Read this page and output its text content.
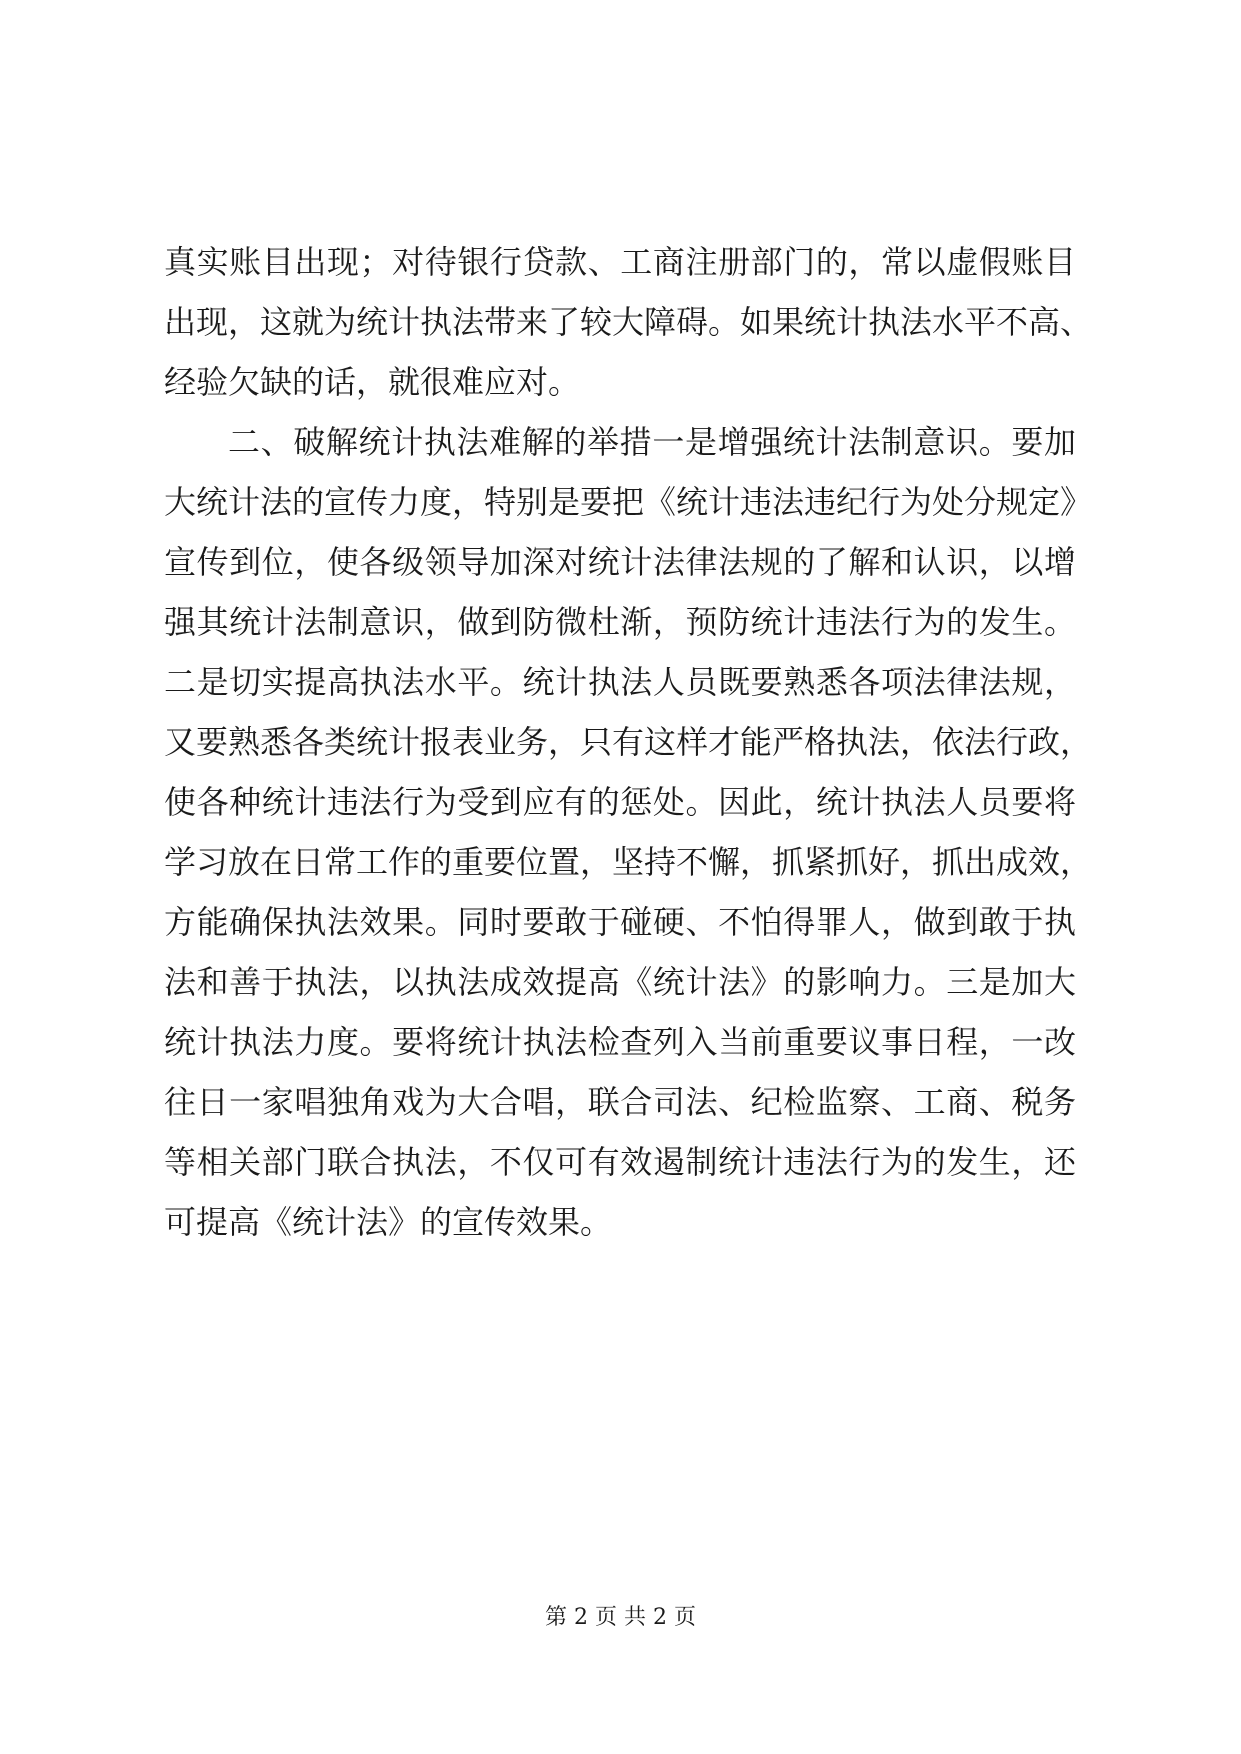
真实账目出现；对待银行贷款、工商注册部门的，常以虚假账目
出现，这就为统计执法带来了较大障碍。如果统计执法水平不高、
经验欠缺的话，就很难应对。
二、破解统计执法难解的举措一是增强统计法制意识。要加
大统计法的宣传力度，特别是要把《统计违法违纪行为处分规定》
宣传到位，使各级领导加深对统计法律法规的了解和认识，以增
强其统计法制意识，做到防微杜渐，预防统计违法行为的发生。
二是切实提高执法水平。统计执法人员既要熟悉各项法律法规，
又要熟悉各类统计报表业务，只有这样才能严格执法，依法行政，
使各种统计违法行为受到应有的惩处。因此，统计执法人员要将
学习放在日常工作的重要位置，坚持不懈，抓紧抓好，抓出成效，
方能确保执法效果。同时要敢于碰硬、不怕得罪人，做到敢于执
法和善于执法，以执法成效提高《统计法》的影响力。三是加大
统计执法力度。要将统计执法检查列入当前重要议事日程，一改
往日一家唱独角戏为大合唱，联合司法、纪检监察、工商、税务
等相关部门联合执法，不仅可有效遏制统计违法行为的发生，还
可提高《统计法》的宣传效果。
第 2 页 共 2 页
